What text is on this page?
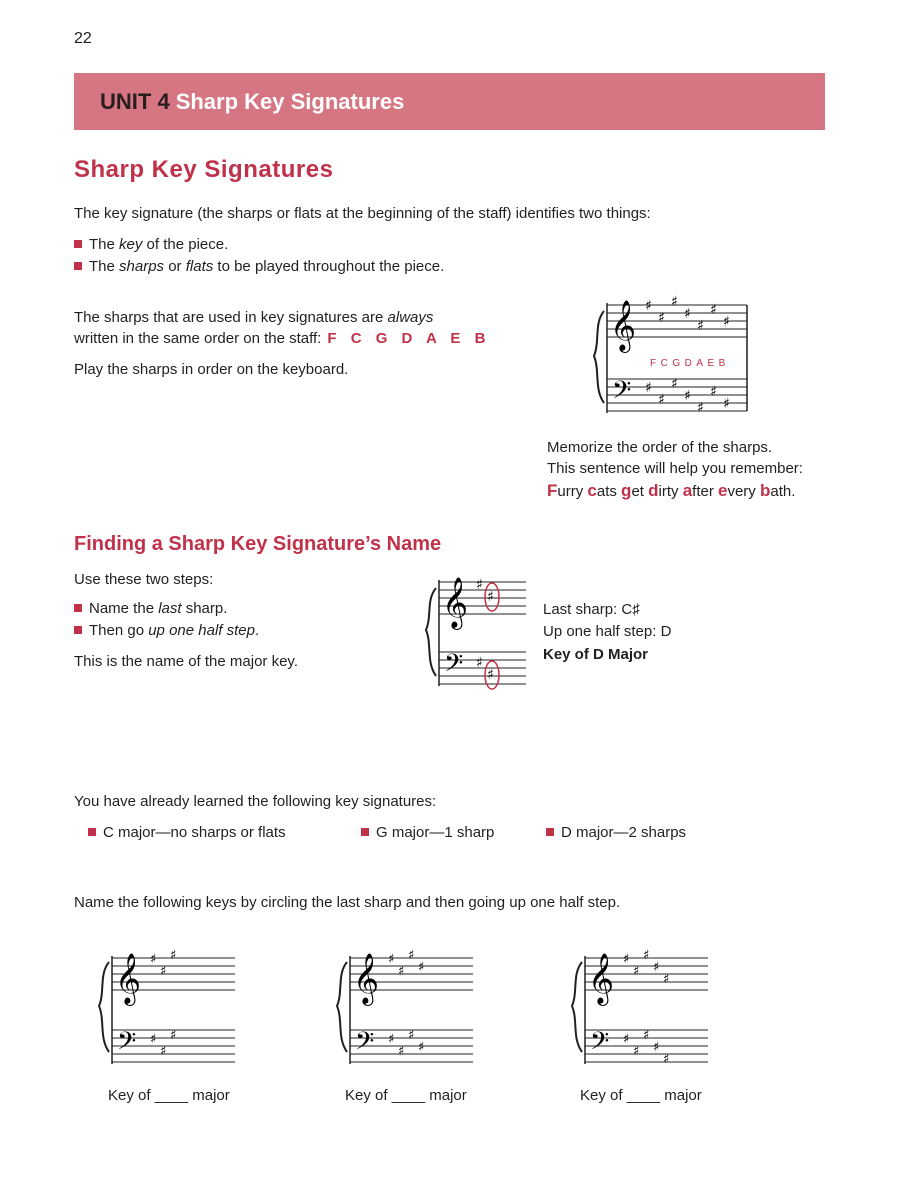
22
UNIT 4 Sharp Key Signatures
Sharp Key Signatures
The key signature (the sharps or flats at the beginning of the staff) identifies two things:
The key of the piece.
The sharps or flats to be played throughout the piece.
The sharps that are used in key signatures are always
written in the same order on the staff: F C G D A E B
Play the sharps in order on the keyboard.
𝄞
𝄢
♯
♯
♯
♯
♯
♯
♯
♯
♯
♯
♯
♯
♯
♯
FCGDAEB
Memorize the order of the sharps.
This sentence will help you remember:
Furry cats get dirty after every bath.
Finding a Sharp Key Signature’s Name
Use these two steps:
Name the last sharp.
Then go up one half step.
This is the name of the major key.
𝄞
𝄢
♯
♯
♯
♯
Last sharp: C♯
Up one half step: D
Key of D Major
You have already learned the following key signatures:
C major—no sharps or flats	G major—1 sharp	D major—2 sharps
Name the following keys by circling the last sharp and then going up one half step.
𝄞
𝄢
♯
♯
♯
♯
♯
♯
𝄞
𝄢
♯
♯
♯
♯
♯
♯
♯
♯
𝄞
𝄢
♯
♯
♯
♯
♯
♯
♯
♯
♯
♯
Key of ____ major	Key of ____ major	Key of ____ major
